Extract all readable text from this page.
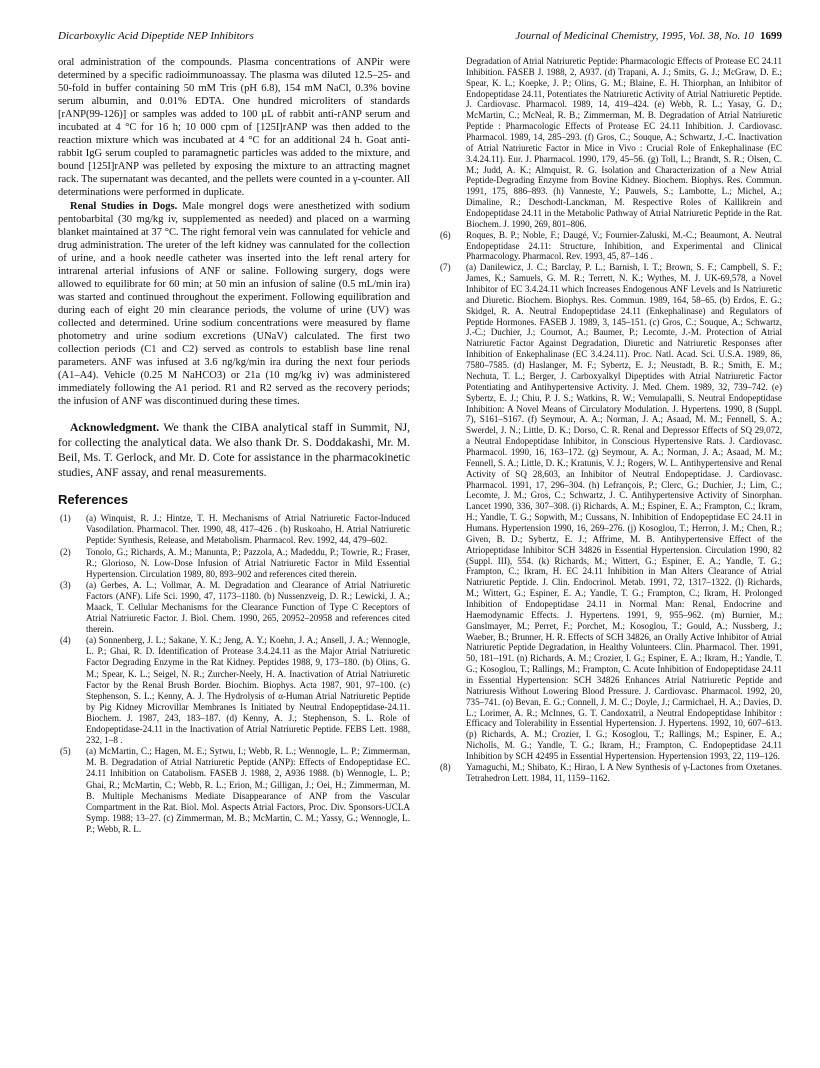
Dicarboxylic Acid Dipeptide NEP Inhibitors	Journal of Medicinal Chemistry, 1995, Vol. 38, No. 10 1699

oral administration of the compounds. Plasma concentrations of ANPir were determined by a specific radioimmunoassay. The plasma was diluted 12.5–25- and 50-fold in buffer containing 50 mM Tris (pH 6.8), 154 mM NaCl, 0.3% bovine serum albumin, and 0.01% EDTA. One hundred microliters of standards [rANP(99-126)] or samples was added to 100 µL of rabbit anti-rANP serum and incubated at 4 °C for 16 h; 10 000 cpm of [125I]rANP was then added to the reaction mixture which was incubated at 4 °C for an additional 24 h. Goat anti-rabbit IgG serum coupled to paramagnetic particles was added to the mixture, and bound [125I]rANP was pelleted by exposing the mixture to an attracting magnet rack. The supernatant was decanted, and the pellets were counted in a γ-counter. All determinations were performed in duplicate.

Renal Studies in Dogs. Male mongrel dogs were anesthetized with sodium pentobarbital (30 mg/kg iv, supplemented as needed) and placed on a warming blanket maintained at 37 °C. The right femoral vein was cannulated for vehicle and drug administration. The ureter of the left kidney was cannulated for the collection of urine, and a hook needle catheter was inserted into the left renal artery for intrarenal arterial infusions of ANF or saline. Following surgery, dogs were allowed to equilibrate for 60 min; at 50 min an infusion of saline (0.5 mL/min ira) was started and continued throughout the experiment. Following equilibration and during each of eight 20 min clearance periods, the volume of urine (UV) was collected and determined. Urine sodium concentrations were measured by flame photometry and urine sodium excretions (UNaV) calculated. The first two collection periods (C1 and C2) served as controls to establish base line renal parameters. ANF was infused at 3.6 ng/kg/min ira during the next four periods (A1–A4). Vehicle (0.25 M NaHCO3) or 21a (10 mg/kg iv) was administered immediately following the A1 period. R1 and R2 served as the recovery periods; the infusion of ANF was discontinued during these times.

Acknowledgment. We thank the CIBA analytical staff in Summit, NJ, for collecting the analytical data. We also thank Dr. S. Doddakashi, Mr. M. Beil, Ms. T. Gerlock, and Mr. D. Cote for assistance in the pharmacokinetic studies, ANF assay, and renal measurements.

References
(1)	(a) Winquist, R. J.; Hintze, T. H. Mechanisms of Atrial Natriuretic Factor-Induced Vasodilation. Pharmacol. Ther. 1990, 48, 417–426 . (b) Ruskoaho, H. Atrial Natriuretic Peptide: Synthesis, Release, and Metabolism. Pharmacol. Rev. 1992, 44, 479–602.
(2)	Tonolo, G.; Richards, A. M.; Manunta, P.; Pazzola, A.; Madeddu, P.; Towrie, R.; Fraser, R.; Glorioso, N. Low-Dose Infusion of Atrial Natriuretic Factor in Mild Essential Hypertension. Circulation 1989, 80, 893–902 and references cited therein.
(3)	(a) Gerbes, A. L.; Vollmar, A. M. Degradation and Clearance of Atrial Natriuretic Factors (ANF). Life Sci. 1990, 47, 1173–1180. (b) Nussenzveig, D. R.; Lewicki, J. A.; Maack, T. Cellular Mechanisms for the Clearance Function of Type C Receptors of Atrial Natriuretic Factor. J. Biol. Chem. 1990, 265, 20952–20958 and references cited therein.
(4)	(a) Sonnenberg, J. L.; Sakane, Y. K.; Jeng, A. Y.; Koehn, J. A.; Ansell, J. A.; Wennogle, L. P.; Ghai, R. D. Identification of Protease 3.4.24.11 as the Major Atrial Natriuretic Factor Degrading Enzyme in the Rat Kidney. Peptides 1988, 9, 173–180. (b) Olins, G. M.; Spear, K. L.; Seigel, N. R.; Zurcher-Neely, H. A. Inactivation of Atrial Natriuretic Factor by the Renal Brush Border. Biochim. Biophys. Acta 1987, 901, 97–100. (c) Stephenson, S. L.; Kenny, A. J. The Hydrolysis of α-Human Atrial Natriuretic Peptide by Pig Kidney Microvillar Membranes Is Initiated by Neutral Endopeptidase-24.11. Biochem. J. 1987, 243, 183–187. (d) Kenny, A. J.; Stephenson, S. L. Role of Endopeptidase-24.11 in the Inactivation of Atrial Natriuretic Peptide. FEBS Lett. 1988, 232, 1–8 .
(5)	(a) McMartin, C.; Hagen, M. E.; Sytwu, I.; Webb, R. L.; Wennogle, L. P.; Zimmerman, M. B. Degradation of Atrial Natriuretic Peptide (ANP): Effects of Endopeptidase EC. 24.11 Inhibition on Catabolism. FASEB J. 1988, 2, A936 1988. (b) Wennogle, L. P.; Ghai, R.; McMartin, C.; Webb, R. L.; Erion, M.; Gilligan, J.; Oei, H.; Zimmerman, M. B. Multiple Mechanisms Mediate Disappearance of ANP from the Vascular Compartment in the Rat. Biol. Mol. Aspects Atrial Factors, Proc. Div. Sponsors-UCLA Symp. 1988; 13–27. (c) Zimmerman, M. B.; McMartin, C. M.; Yassy, G.; Wennogle, L. P.; Webb, R. L.
Degradation of Atrial Natriuretic Peptide: Pharmacologic Effects of Protease EC 24.11 Inhibition. FASEB J. 1988, 2, A937. (d) Trapani, A. J.; Smits, G. J.; McGraw, D. E.; Spear, K. L.; Koepke, J. P.; Olins, G. M.; Blaine, E. H. Thiorphan, an Inhibitor of Endopeptidase 24.11, Potentiates the Natriuretic Activity of Atrial Natriuretic Peptide. J. Cardiovasc. Pharmacol. 1989, 14, 419–424. (e) Webb, R. L.; Yasay, G. D.; McMartin, C.; McNeal, R. B.; Zimmerman, M. B. Degradation of Atrial Natriuretic Peptide : Pharmacologic Effects of Protease EC 24.11 Inhibition. J. Cardiovasc. Pharmacol. 1989, 14, 285–293. (f) Gros, C.; Souque, A.; Schwartz, J.-C. Inactivation of Atrial Natriuretic Factor in Mice in Vivo : Crucial Role of Enkephalinase (EC 3.4.24.11). Eur. J. Pharmacol. 1990, 179, 45–56. (g) Toll, L.; Brandt, S. R.; Olsen, C. M.; Judd, A. K.; Almquist, R. G. Isolation and Characterization of a New Atrial Peptide-Degrading Enzyme from Bovine Kidney. Biochem. Biophys. Res. Commun. 1991, 175, 886–893. (h) Vanneste, Y.; Pauwels, S.; Lambotte, L.; Michel, A.; Dimaline, R.; Deschodt-Lanckman, M. Respective Roles of Kallikrein and Endopeptidase 24.11 in the Metabolic Pathway of Atrial Natriuretic Peptide in the Rat. Biochem. J. 1990, 269, 801–806.
(6)	Roques, B. P.; Noble, F.; Daugé, V.; Fournier-Zaluski, M.-C.; Beaumont, A. Neutral Endopeptidase 24.11: Structure, Inhibition, and Experimental and Clinical Pharmacology. Pharmacol. Rev. 1993, 45, 87–146 .
(7)	(a) Danilewicz, J. C.; Barclay, P. L.; Barnish, I. T.; Brown, S. F.; Campbell, S. F.; James, K.; Samuels, G. M. R.; Terrett, N. K.; Wythes, M. J. UK-69,578, a Novel Inhibitor of EC 3.4.24.11 which Increases Endogenous ANF Levels and Is Natriuretic and Diuretic. Biochem. Biophys. Res. Commun. 1989, 164, 58–65. (b) Erdos, E. G.; Skidgel, R. A. Neutral Endopeptidase 24.11 (Enkephalinase) and Regulators of Peptide Hormones. FASEB J. 1989, 3, 145–151. (c) Gros, C.; Souque, A.; Schwartz, J.-C.; Duchier, J.; Cournot, A.; Baumer, P.; Lecomte, J.-M. Protection of Atrial Natriuretic Factor Against Degradation, Diuretic and Natriuretic Responses after Inhibition of Enkephalinase (EC 3.4.24.11). Proc. Natl. Acad. Sci. U.S.A. 1989, 86, 7580–7585. (d) Haslanger, M. F.; Sybertz, E. J.; Neustadt, B. R.; Smith, E. M.; Nechuta, T. L.; Berger, J. Carboxyalkyl Dipeptides with Atrial Natriuretic Factor Potentiating and Antihypertensive Activity. J. Med. Chem. 1989, 32, 739–742. (e) Sybertz, E. J.; Chiu, P. J. S.; Watkins, R. W.; Vemulapalli, S. Neutral Endopeptidase Inhibition: A Novel Means of Circulatory Modulation. J. Hypertens. 1990, 8 (Suppl. 7), S161–S167. (f) Seymour, A. A.; Norman, J. A.; Asaad, M. M.; Fennell, S. A.; Swerdel, J. N.; Little, D. K.; Dorso, C. R. Renal and Depressor Effects of SQ 29,072, a Neutral Endopeptidase Inhibitor, in Conscious Hypertensive Rats. J. Cardiovasc. Pharmacol. 1990, 16, 163–172. (g) Seymour, A. A.; Norman, J. A.; Asaad, M. M.; Fennell, S. A.; Little, D. K.; Kratunis, V. J.; Rogers, W. L. Antihypertensive and Renal Activity of SQ 28,603, an Inhibitor of Neutral Endopeptidase. J. Cardiovasc. Pharmacol. 1991, 17, 296–304. (h) Lefrançois, P.; Clerc, G.; Duchier, J.; Lim, C.; Lecomte, J. M.; Gros, C.; Schwartz, J. C. Antihypertensive Activity of Sinorphan. Lancet 1990, 336, 307–308. (i) Richards, A. M.; Espiner, E. A.; Frampton, C.; Ikram, H.; Yandle, T. G.; Sopwith, M.; Cussans, N. Inhibition of Endopeptidase EC 24.11 in Humans. Hypertension 1990, 16, 269–276. (j) Kosoglou, T.; Herron, J. M.; Chen, R.; Given, B. D.; Sybertz, E. J.; Affrime, M. B. Antihypertensive Effect of the Atriopeptidase Inhibitor SCH 34826 in Essential Hypertension. Circulation 1990, 82 (Suppl. III), 554. (k) Richards, M.; Wittert, G.; Espiner, E. A.; Yandle, T. G.; Frampton, C.; Ikram, H. EC 24.11 Inhibition in Man Alters Clearance of Atrial Natriuretic Peptide. J. Clin. Endocrinol. Metab. 1991, 72, 1317–1322. (l) Richards, M.; Wittert, G.; Espiner, E. A.; Yandle, T. G.; Frampton, C.; Ikram, H. Prolonged Inhibition of Endopeptidase 24.11 in Normal Man: Renal, Endocrine and Haemodynamic Effects. J. Hypertens. 1991, 9, 955–962. (m) Burnier, M.; Ganslmayer, M.; Perret, F.; Porchet, M.; Kosoglou, T.; Gould, A.; Nussberg, J.; Waeber, B.; Brunner, H. R. Effects of SCH 34826, an Orally Active Inhibitor of Atrial Natriuretic Peptide Degradation, in Healthy Volunteers. Clin. Pharmacol. Ther. 1991, 50, 181–191. (n) Richards, A. M.; Crozier, I. G.; Espiner, E. A.; Ikram, H.; Yandle, T. G.; Kosoglou, T.; Rallings, M.; Frampton, C. Acute Inhibition of Endopeptidase 24.11 in Essential Hypertension: SCH 34826 Enhances Atrial Natriuretic Peptide and Natriuresis Without Lowering Blood Pressure. J. Cardiovasc. Pharmacol. 1992, 20, 735–741. (o) Bevan, E. G.; Connell, J. M. C.; Doyle, J.; Carmichael, H. A.; Davies, D. L.; Lorimer, A. R.; McInnes, G. T. Candoxatril, a Neutral Endopeptidase Inhibitor : Efficacy and Tolerability in Essential Hypertension. J. Hypertens. 1992, 10, 607–613. (p) Richards, A. M.; Crozier, I. G.; Kosoglou, T.; Rallings, M.; Espiner, E. A.; Nicholls, M. G.; Yandle, T. G.; Ikram, H.; Frampton, C. Endopeptidase 24.11 Inhibition by SCH 42495 in Essential Hypertension. Hypertension 1993, 22, 119–126.
(8)	Yamaguchi, M.; Shibato, K.; Hirao, I. A New Synthesis of γ-Lactones from Oxetanes. Tetrahedron Lett. 1984, 11, 1159–1162.
